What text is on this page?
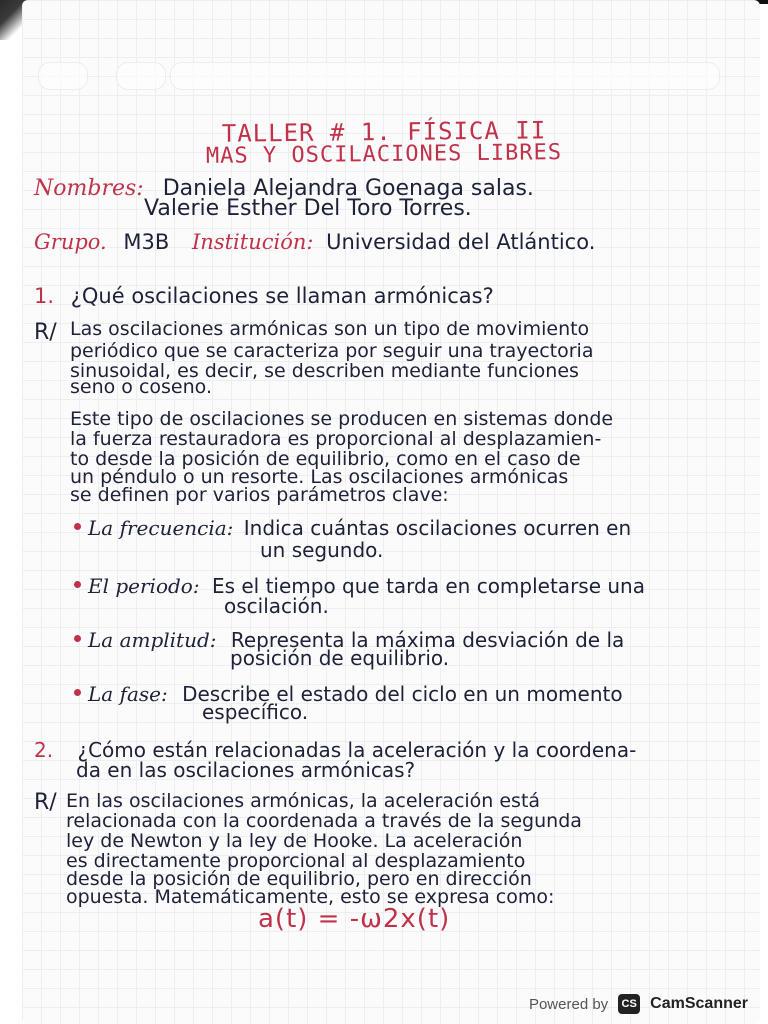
TALLER # 1. FÍSICA II
MAS Y OSCILACIONES LIBRES
Nombres: Daniela Alejandra Goenaga salas.
Valerie Esther Del Toro Torres.
Grupo. M3B Institución: Universidad del Atlántico.
1. ¿Qué oscilaciones se llaman armónicas?
R/ Las oscilaciones armónicas son un tipo de movimiento
periódico que se caracteriza por seguir una trayectoria
sinusoidal, es decir, se describen mediante funciones
seno o coseno.
Este tipo de oscilaciones se producen en sistemas donde
la fuerza restauradora es proporcional al desplazamien-
to desde la posición de equilibrio, como en el caso de
un péndulo o un resorte. Las oscilaciones armónicas
se definen por varios parámetros clave:
La frecuencia: Indica cuántas oscilaciones ocurren en
un segundo.
El periodo: Es el tiempo que tarda en completarse una
oscilación.
La amplitud: Representa la máxima desviación de la
posición de equilibrio.
La fase: Describe el estado del ciclo en un momento
específico.
2. ¿Cómo están relacionadas la aceleración y la coordena-
da en las oscilaciones armónicas?
R/ En las oscilaciones armónicas, la aceleración está
relacionada con la coordenada a través de la segunda
ley de Newton y la ley de Hooke. La aceleración
es directamente proporcional al desplazamiento
desde la posición de equilibrio, pero en dirección
opuesta. Matemáticamente, esto se expresa como:
a(t) = -ω2x(t)
Powered by	CS CamScanner
